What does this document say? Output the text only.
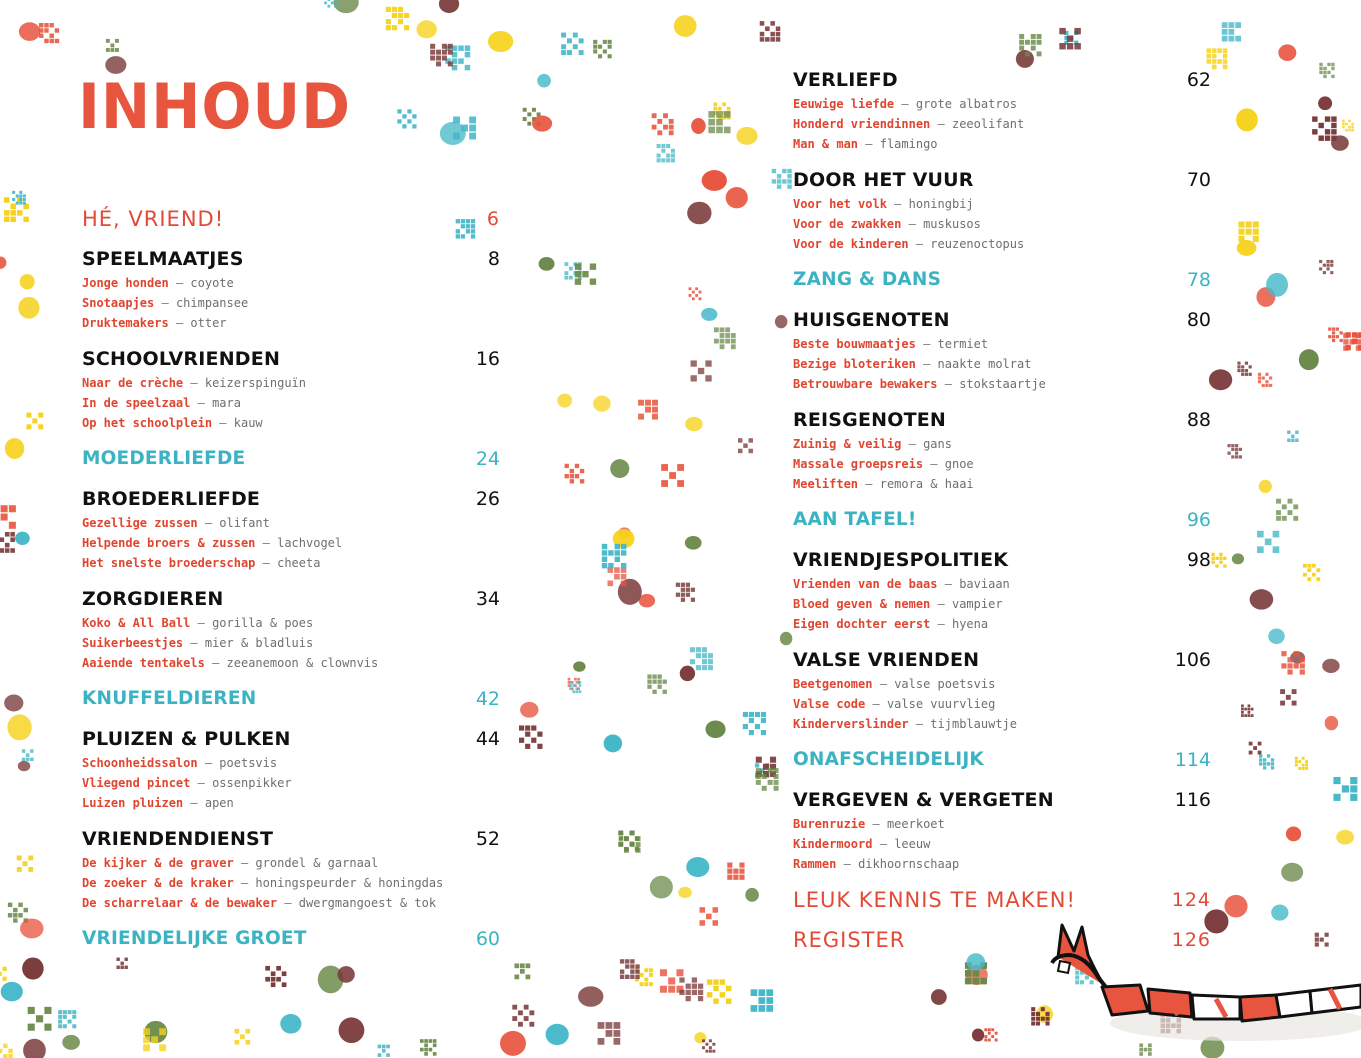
INHOUD
HÉ, VRIEND!	6
SPEELMAATJES	8
Jonge honden — coyote
Snotaapjes — chimpansee
Druktemakers — otter
SCHOOLVRIENDEN	16
Naar de crèche — keizerspinguïn
In de speelzaal — mara
Op het schoolplein — kauw
MOEDERLIEFDE	24
BROEDERLIEFDE	26
Gezellige zussen — olifant
Helpende broers & zussen — lachvogel
Het snelste broederschap — cheeta
ZORGDIEREN	34
Koko & All Ball — gorilla & poes
Suikerbeestjes — mier & bladluis
Aaiende tentakels — zeeanemoon & clownvis
KNUFFELDIEREN	42
PLUIZEN & PULKEN	44
Schoonheidssalon — poetsvis
Vliegend pincet — ossenpikker
Luizen pluizen — apen
VRIENDENDIENST	52
De kijker & de graver — grondel & garnaal
De zoeker & de kraker — honingspeurder & honingdas
De scharrelaar & de bewaker — dwergmangoest & tok
VRIENDELIJKE GROET	60
VERLIEFD	62
Eeuwige liefde — grote albatros
Honderd vriendinnen — zeeolifant
Man & man — flamingo
DOOR HET VUUR	70
Voor het volk — honingbij
Voor de zwakken — muskusos
Voor de kinderen — reuzenoctopus
ZANG & DANS	78
HUISGENOTEN	80
Beste bouwmaatjes — termiet
Bezige bloteriken — naakte molrat
Betrouwbare bewakers — stokstaartje
REISGENOTEN	88
Zuinig & veilig — gans
Massale groepsreis — gnoe
Meeliften — remora & haai
AAN TAFEL!	96
VRIENDJESPOLITIEK	98
Vrienden van de baas — baviaan
Bloed geven & nemen — vampier
Eigen dochter eerst — hyena
VALSE VRIENDEN	106
Beetgenomen — valse poetsvis
Valse code — valse vuurvlieg
Kinderverslinder — tijmblauwtje
ONAFSCHEIDELIJK	114
VERGEVEN & VERGETEN	116
Burenruzie — meerkoet
Kindermoord — leeuw
Rammen — dikhoornschaap
LEUK KENNIS TE MAKEN!	124
REGISTER	126
